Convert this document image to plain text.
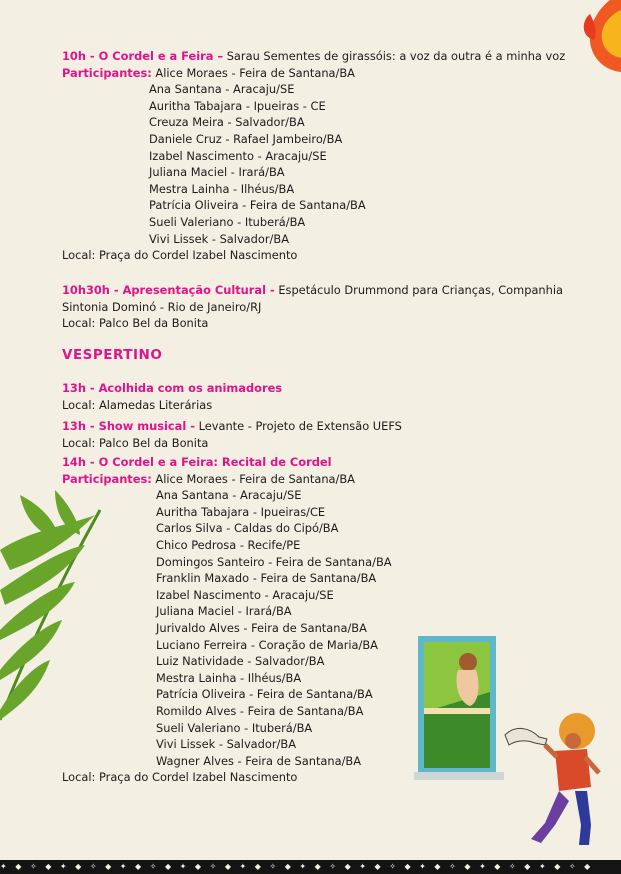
10h - O Cordel e a Feira – Sarau Sementes de girassóis: a voz da outra é a minha voz
Participantes: Alice Moraes - Feira de Santana/BA
Ana Santana - Aracaju/SE
Auritha Tabajara - Ipueiras - CE
Creuza Meira - Salvador/BA
Daniele Cruz - Rafael Jambeiro/BA
Izabel Nascimento - Aracaju/SE
Juliana Maciel - Irará/BA
Mestra Lainha - Ilhéus/BA
Patrícia Oliveira - Feira de Santana/BA
Sueli Valeriano - Ituberá/BA
Vivi Lissek - Salvador/BA
Local: Praça do Cordel Izabel Nascimento
10h30h - Apresentação Cultural - Espetáculo Drummond para Crianças, Companhia
Sintonia Dominó - Rio de Janeiro/RJ
Local: Palco Bel da Bonita
VESPERTINO
13h - Acolhida com os animadores
Local: Alamedas Literárias
13h - Show musical - Levante - Projeto de Extensão UEFS
Local: Palco Bel da Bonita
14h - O Cordel e a Feira: Recital de Cordel
Participantes: Alice Moraes - Feira de Santana/BA
Ana Santana - Aracaju/SE
Auritha Tabajara - Ipueiras/CE
Carlos Silva - Caldas do Cipó/BA
Chico Pedrosa - Recife/PE
Domingos Santeiro - Feira de Santana/BA
Franklin Maxado - Feira de Santana/BA
Izabel Nascimento - Aracaju/SE
Juliana Maciel - Irará/BA
Jurivaldo Alves - Feira de Santana/BA
Luciano Ferreira - Coração de Maria/BA
Luiz Natividade - Salvador/BA
Mestra Lainha - Ilhéus/BA
Patrícia Oliveira - Feira de Santana/BA
Romildo Alves - Feira de Santana/BA
Sueli Valeriano - Ituberá/BA
Vivi Lissek - Salvador/BA
Wagner Alves - Feira de Santana/BA
Local: Praça do Cordel Izabel Nascimento
✦ ◆ ✧ ◆ ✦ ◆ ✧ ◆ ✦ ◆ ✧ ◆ ✦ ◆ ✧ ◆ ✦ ◆ ✧ ◆ ✦ ◆ ✧ ◆ ✦ ◆ ✧ ◆ ✦ ◆ ✧ ◆ ✦ ◆ ✧ ◆ ✦ ◆ ✧ ◆
